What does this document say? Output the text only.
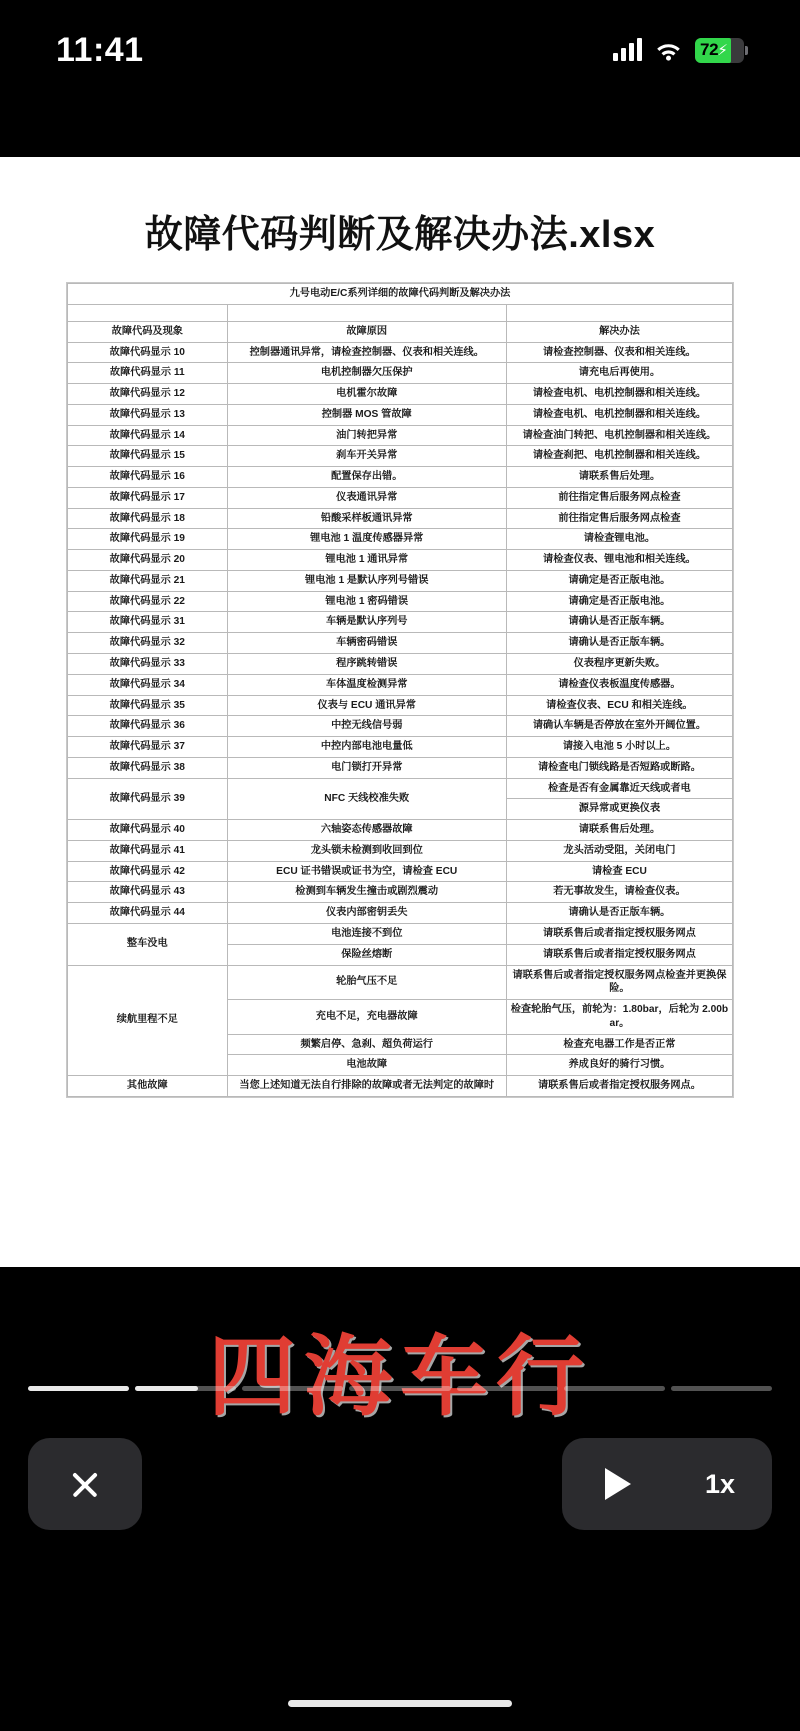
11:41	72 ⚡
故障代码判断及解决办法.xlsx
九号电动E/C系列详细的故障代码判断及解决办法		

故障代码及现象	故障原因	解决办法
故障代码显示 10	控制器通讯异常，请检查控制器、仪表和相关连线。	请检查控制器、仪表和相关连线。
故障代码显示 11	电机控制器欠压保护	请充电后再使用。
故障代码显示 12	电机霍尔故障	请检查电机、电机控制器和相关连线。
故障代码显示 13	控制器 MOS 管故障	请检查电机、电机控制器和相关连线。
故障代码显示 14	油门转把异常	请检查油门转把、电机控制器和相关连线。
故障代码显示 15	刹车开关异常	请检查刹把、电机控制器和相关连线。
故障代码显示 16	配置保存出错。	请联系售后处理。
故障代码显示 17	仪表通讯异常	前往指定售后服务网点检查
故障代码显示 18	铅酸采样板通讯异常	前往指定售后服务网点检查
故障代码显示 19	锂电池 1 温度传感器异常	请检查锂电池。
故障代码显示 20	锂电池 1 通讯异常	请检查仪表、锂电池和相关连线。
故障代码显示 21	锂电池 1 是默认序列号错误	请确定是否正版电池。
故障代码显示 22	锂电池 1 密码错误	请确定是否正版电池。
故障代码显示 31	车辆是默认序列号	请确认是否正版车辆。
故障代码显示 32	车辆密码错误	请确认是否正版车辆。
故障代码显示 33	程序跳转错误	仪表程序更新失败。
故障代码显示 34	车体温度检测异常	请检查仪表板温度传感器。
故障代码显示 35	仪表与 ECU 通讯异常	请检查仪表、ECU 和相关连线。
故障代码显示 36	中控无线信号弱	请确认车辆是否停放在室外开阔位置。
故障代码显示 37	中控内部电池电量低	请接入电池 5 小时以上。
故障代码显示 38	电门锁打开异常	请检查电门锁线路是否短路或断路。
故障代码显示 39	NFC 天线校准失败	检查是否有金属靠近天线或者电
		源异常或更换仪表
故障代码显示 40	六轴姿态传感器故障	请联系售后处理。
故障代码显示 41	龙头锁未检测到收回到位	龙头活动受阻，关闭电门
故障代码显示 42	ECU 证书错误或证书为空，请检查 ECU	请检查 ECU
故障代码显示 43	检测到车辆发生撞击或剧烈震动	若无事故发生，请检查仪表。
故障代码显示 44	仪表内部密钥丢失	请确认是否正版车辆。
整车没电	电池连接不到位	请联系售后或者指定授权服务网点
	保险丝熔断	请联系售后或者指定授权服务网点
续航里程不足	轮胎气压不足	请联系售后或者指定授权服务网点检查并更换保险。
	充电不足，充电器故障	检查轮胎气压，前轮为：1.80bar，后轮为 2.00bar。
	频繁启停、急刹、超负荷运行	检查充电器工作是否正常
	电池故障	养成良好的骑行习惯。
其他故障	当您上述知道无法自行排除的故障或者无法判定的故障时	请联系售后或者指定授权服务网点。
四海车行
1x
